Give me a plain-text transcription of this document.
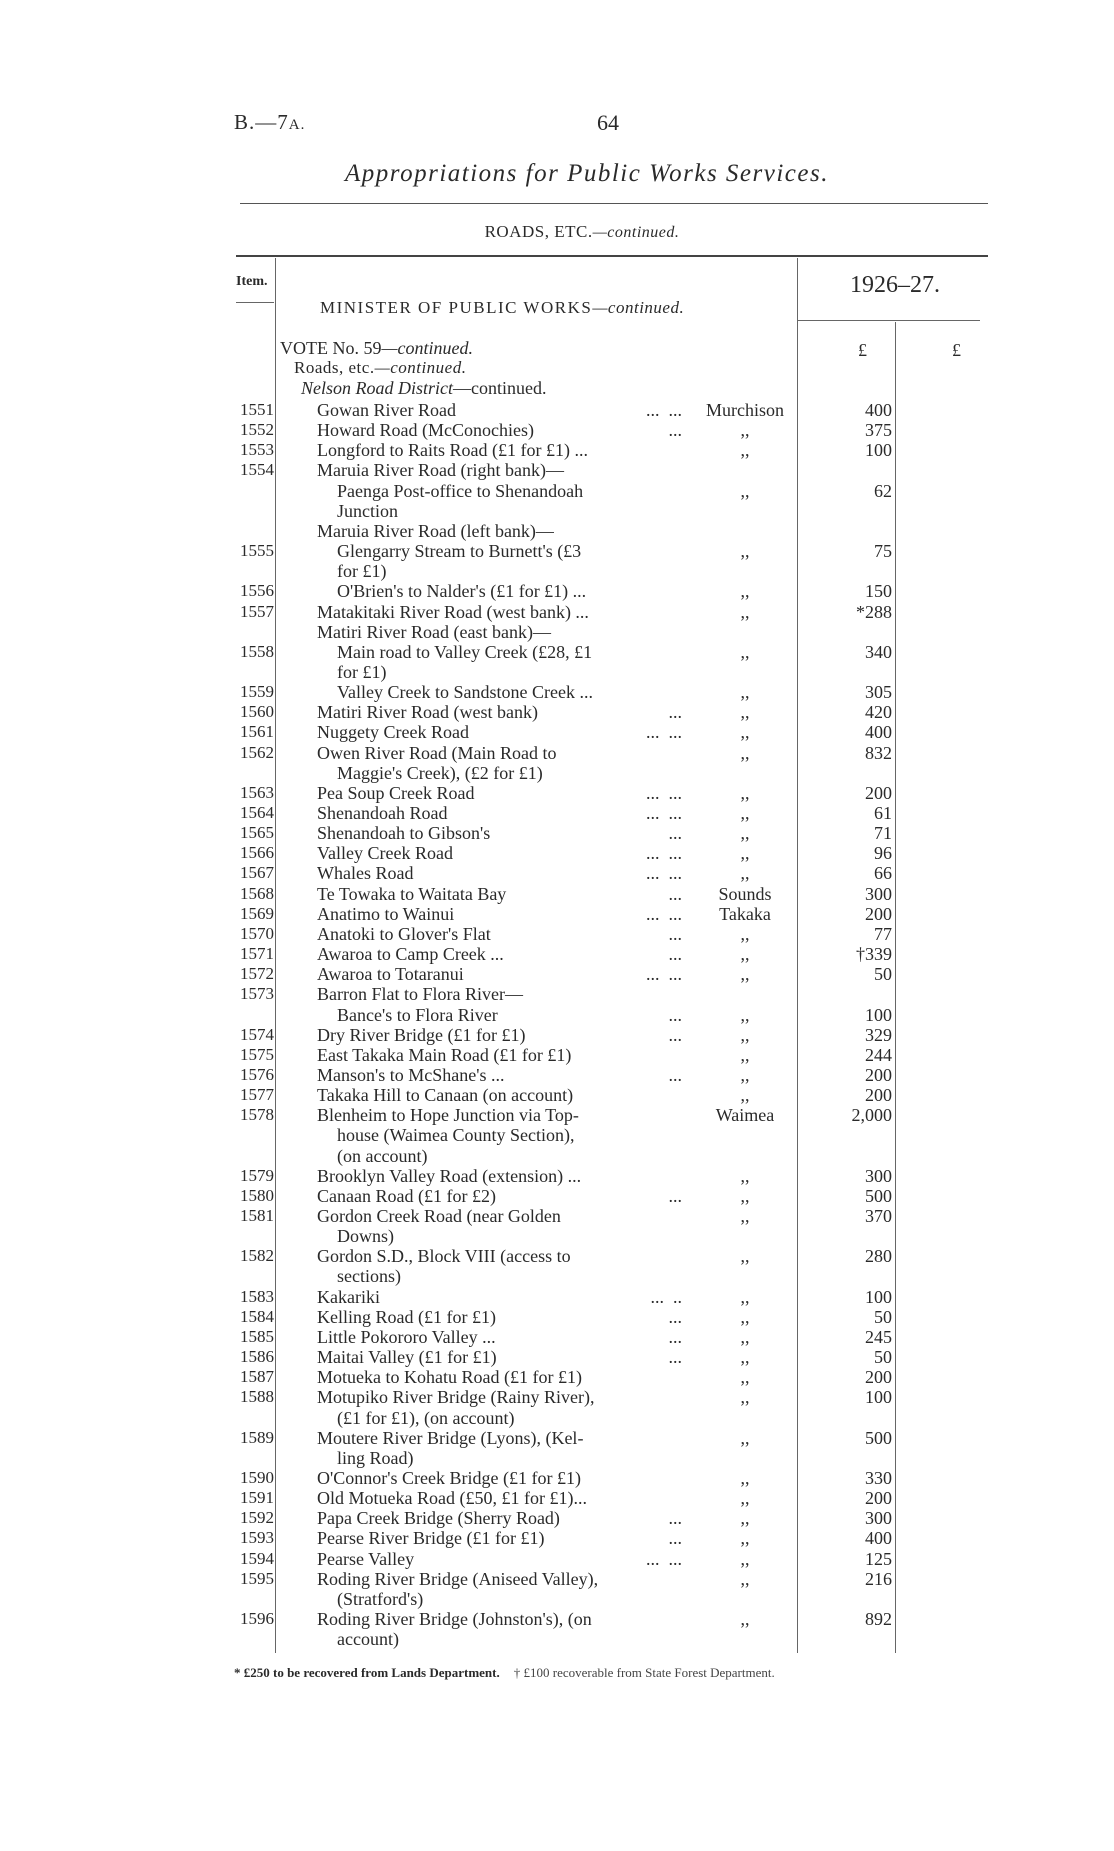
B.—7A.	64
Appropriations for Public Works Services.
ROADS, ETC.—continued.
Item.
MINISTER OF PUBLIC WORKS—continued.
1926–27.
£	£
VOTE No. 59—continued.
Roads, etc.—continued.
Nelson Road District—continued.
1551 Gowan River Road	...  ...	Murchison	400
1552 Howard Road (McConochies)	...	,,	375
1553 Longford to Raits Road (£1 for £1) ...	,,	100
1554 Maruia River Road (right bank)—
Paenga Post-office to Shenandoah	,,	62
Junction
Maruia River Road (left bank)—
1555	Glengarry Stream to Burnett's (£3	,,	75
for £1)
1556	O'Brien's to Nalder's (£1 for £1) ...	,,	150
1557 Matakitaki River Road (west bank) ...	,,	*288
Matiri River Road (east bank)—
1558	Main road to Valley Creek (£28, £1	,,	340
for £1)
1559	Valley Creek to Sandstone Creek ...	,,	305
1560 Matiri River Road (west bank)	...	,,	420
1561 Nuggety Creek Road	...  ...	,,	400
1562 Owen River Road (Main Road to	,,	832
Maggie's Creek), (£2 for £1)
1563 Pea Soup Creek Road	...  ...	,,	200
1564 Shenandoah Road	...  ...	,,	61
1565 Shenandoah to Gibson's	...	,,	71
1566 Valley Creek Road	...  ...	,,	96
1567 Whales Road	...  ...	,,	66
1568 Te Towaka to Waitata Bay	...	Sounds	300
1569 Anatimo to Wainui	...  ...	Takaka	200
1570 Anatoki to Glover's Flat	...	,,	77
1571 Awaroa to Camp Creek ...	...	,,	†339
1572 Awaroa to Totaranui	...  ...	,,	50
1573 Barron Flat to Flora River—
Bance's to Flora River	...	,,	100
1574 Dry River Bridge (£1 for £1)	...	,,	329
1575 East Takaka Main Road (£1 for £1)	,,	244
1576 Manson's to McShane's ...	...	,,	200
1577 Takaka Hill to Canaan (on account)	,,	200
1578 Blenheim to Hope Junction via Top-	Waimea	2,000
house (Waimea County Section),
(on account)
1579 Brooklyn Valley Road (extension) ...	,,	300
1580 Canaan Road (£1 for £2)	...	,,	500
1581 Gordon Creek Road (near Golden	,,	370
Downs)
1582 Gordon S.D., Block VIII (access to	,,	280
sections)
1583 Kakariki	...  ..	,,	100
1584 Kelling Road (£1 for £1)	...	,,	50
1585 Little Pokororo Valley ...	...	,,	245
1586 Maitai Valley (£1 for £1)	...	,,	50
1587 Motueka to Kohatu Road (£1 for £1)	,,	200
1588 Motupiko River Bridge (Rainy River),	,,	100
(£1 for £1), (on account)
1589 Moutere River Bridge (Lyons), (Kel-	,,	500
ling Road)
1590 O'Connor's Creek Bridge (£1 for £1)	,,	330
1591 Old Motueka Road (£50, £1 for £1)...	,,	200
1592 Papa Creek Bridge (Sherry Road)	...	,,	300
1593 Pearse River Bridge (£1 for £1)	...	,,	400
1594 Pearse Valley	...  ...	,,	125
1595 Roding River Bridge (Aniseed Valley),	,,	216
(Stratford's)
1596 Roding River Bridge (Johnston's), (on	,,	892
account)
* £250 to be recovered from Lands Department. † £100 recoverable from State Forest Department.
